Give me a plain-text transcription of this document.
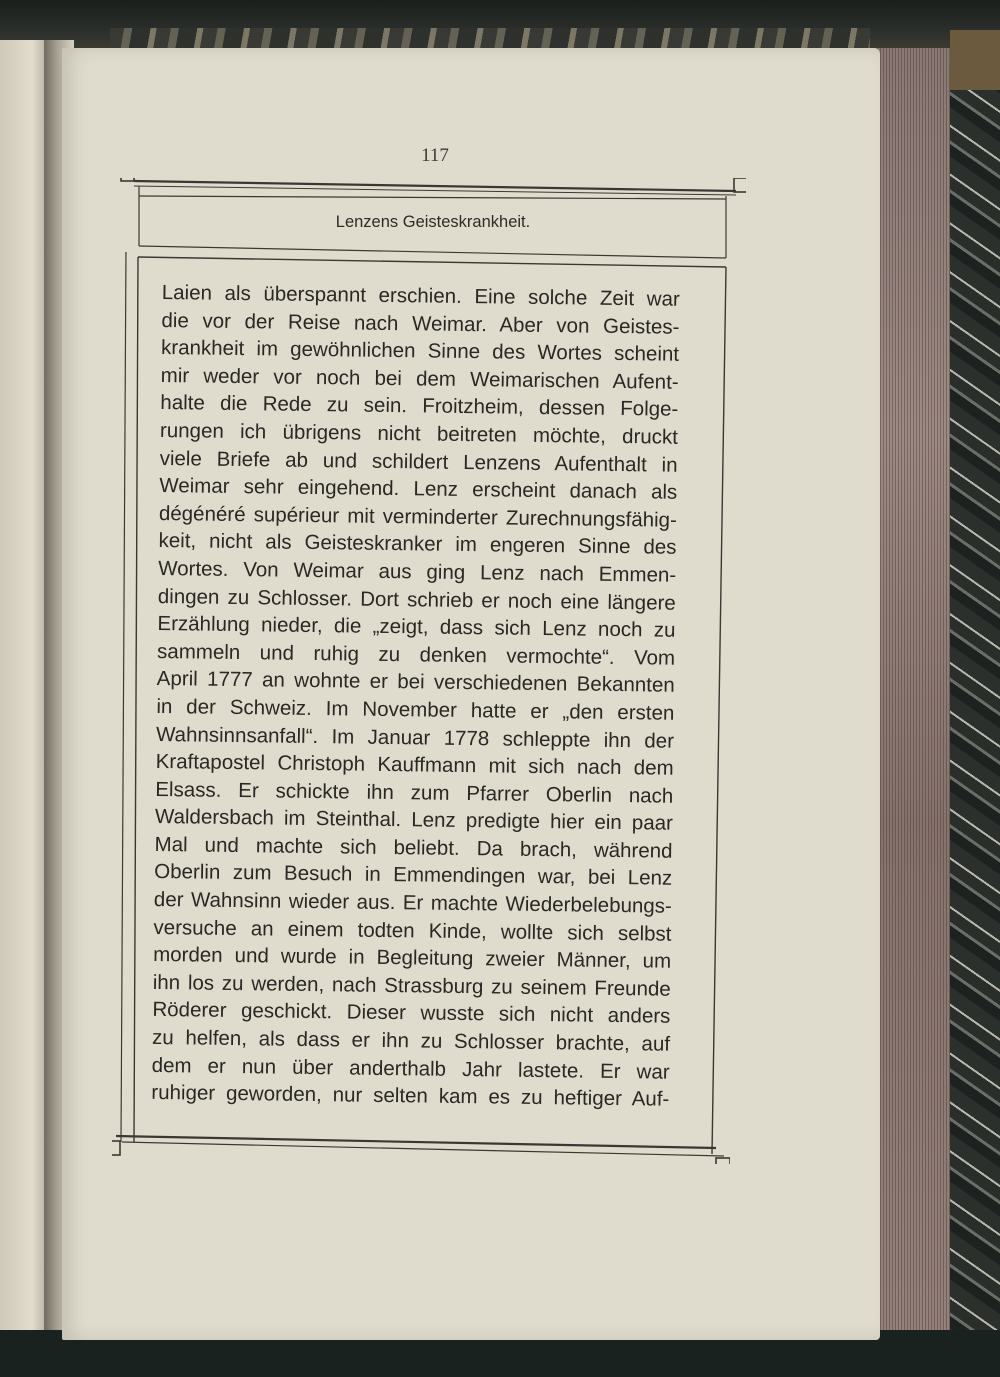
117
Lenzens Geisteskrankheit.
Laien als überspannt erschien. Eine solche Zeit war
die vor der Reise nach Weimar. Aber von Geistes-
krankheit im gewöhnlichen Sinne des Wortes scheint
mir weder vor noch bei dem Weimarischen Aufent-
halte die Rede zu sein. Froitzheim, dessen Folge-
rungen ich übrigens nicht beitreten möchte, druckt
viele Briefe ab und schildert Lenzens Aufenthalt in
Weimar sehr eingehend. Lenz erscheint danach als
dégénéré supérieur mit verminderter Zurechnungsfähig-
keit, nicht als Geisteskranker im engeren Sinne des
Wortes. Von Weimar aus ging Lenz nach Emmen-
dingen zu Schlosser. Dort schrieb er noch eine längere
Erzählung nieder, die „zeigt, dass sich Lenz noch zu
sammeln und ruhig zu denken vermochte“. Vom
April 1777 an wohnte er bei verschiedenen Bekannten
in der Schweiz. Im November hatte er „den ersten
Wahnsinnsanfall“. Im Januar 1778 schleppte ihn der
Kraftapostel Christoph Kauffmann mit sich nach dem
Elsass. Er schickte ihn zum Pfarrer Oberlin nach
Waldersbach im Steinthal. Lenz predigte hier ein paar
Mal und machte sich beliebt. Da brach, während
Oberlin zum Besuch in Emmendingen war, bei Lenz
der Wahnsinn wieder aus. Er machte Wiederbelebungs-
versuche an einem todten Kinde, wollte sich selbst
morden und wurde in Begleitung zweier Männer, um
ihn los zu werden, nach Strassburg zu seinem Freunde
Röderer geschickt. Dieser wusste sich nicht anders
zu helfen, als dass er ihn zu Schlosser brachte, auf
dem er nun über anderthalb Jahr lastete. Er war
ruhiger geworden, nur selten kam es zu heftiger Auf-
